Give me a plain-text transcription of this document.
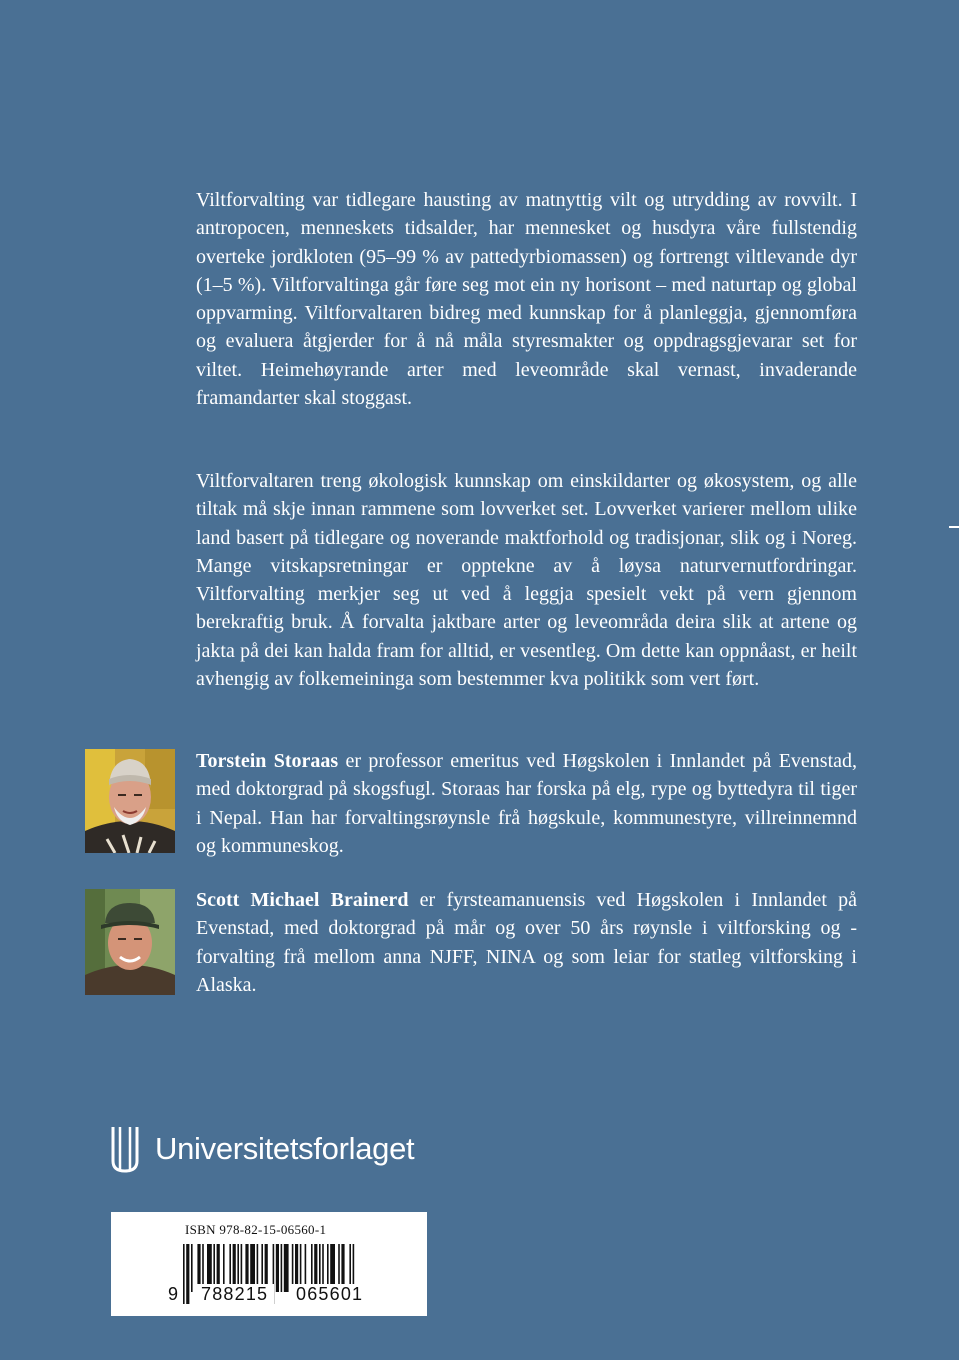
Viltforvalting var tidlegare hausting av matnyttig vilt og utrydding av rovvilt. I antropocen, menneskets tidsalder, har mennesket og husdyra våre fullstendig overteke jordkloten (95–99 % av pattedyrbiomassen) og fortrengt viltlevande dyr (1–5 %). Viltforvaltinga går føre seg mot ein ny horisont – med naturtap og global oppvarming. Viltforvaltaren bidreg med kunnskap for å planleggja, gjennomføra og evaluera åtgjerder for å nå måla styresmakter og oppdragsgjevarar set for viltet. Heimehøyrande arter med leveområde skal vernast, invaderande framandarter skal stoggast.

Viltforvaltaren treng økologisk kunnskap om einskildarter og økosystem, og alle tiltak må skje innan rammene som lovverket set. Lovverket varierer mellom ulike land basert på tidlegare og noverande maktforhold og tradisjonar, slik og i Noreg. Mange vitskapsretningar er opptekne av å løysa naturvernutfordringar. Viltforvalting merkjer seg ut ved å leggja spesielt vekt på vern gjennom berekraftig bruk. Å forvalta jaktbare arter og leveområda deira slik at artene og jakta på dei kan halda fram for alltid, er vesentleg. Om dette kan oppnåast, er heilt avhengig av folkemeininga som bestemmer kva politikk som vert ført.

Torstein Storaas er professor emeritus ved Høgskolen i Innlandet på Evenstad, med doktorgrad på skogsfugl. Storaas har forska på elg, rype og byttedyra til tiger i Nepal. Han har forvaltingsrøynsle frå høgskule, kommunestyre, villreinnemnd og kommuneskog.

Scott Michael Brainerd er fyrsteamanuensis ved Høgskolen i Innlandet på Evenstad, med doktorgrad på mår og over 50 års røynsle i viltforsking og -forvalting frå mellom anna NJFF, NINA og som leiar for statleg viltforsking i Alaska.

Universitetsforlaget
ISBN 978-82-15-06560-1
9	788215	065601
